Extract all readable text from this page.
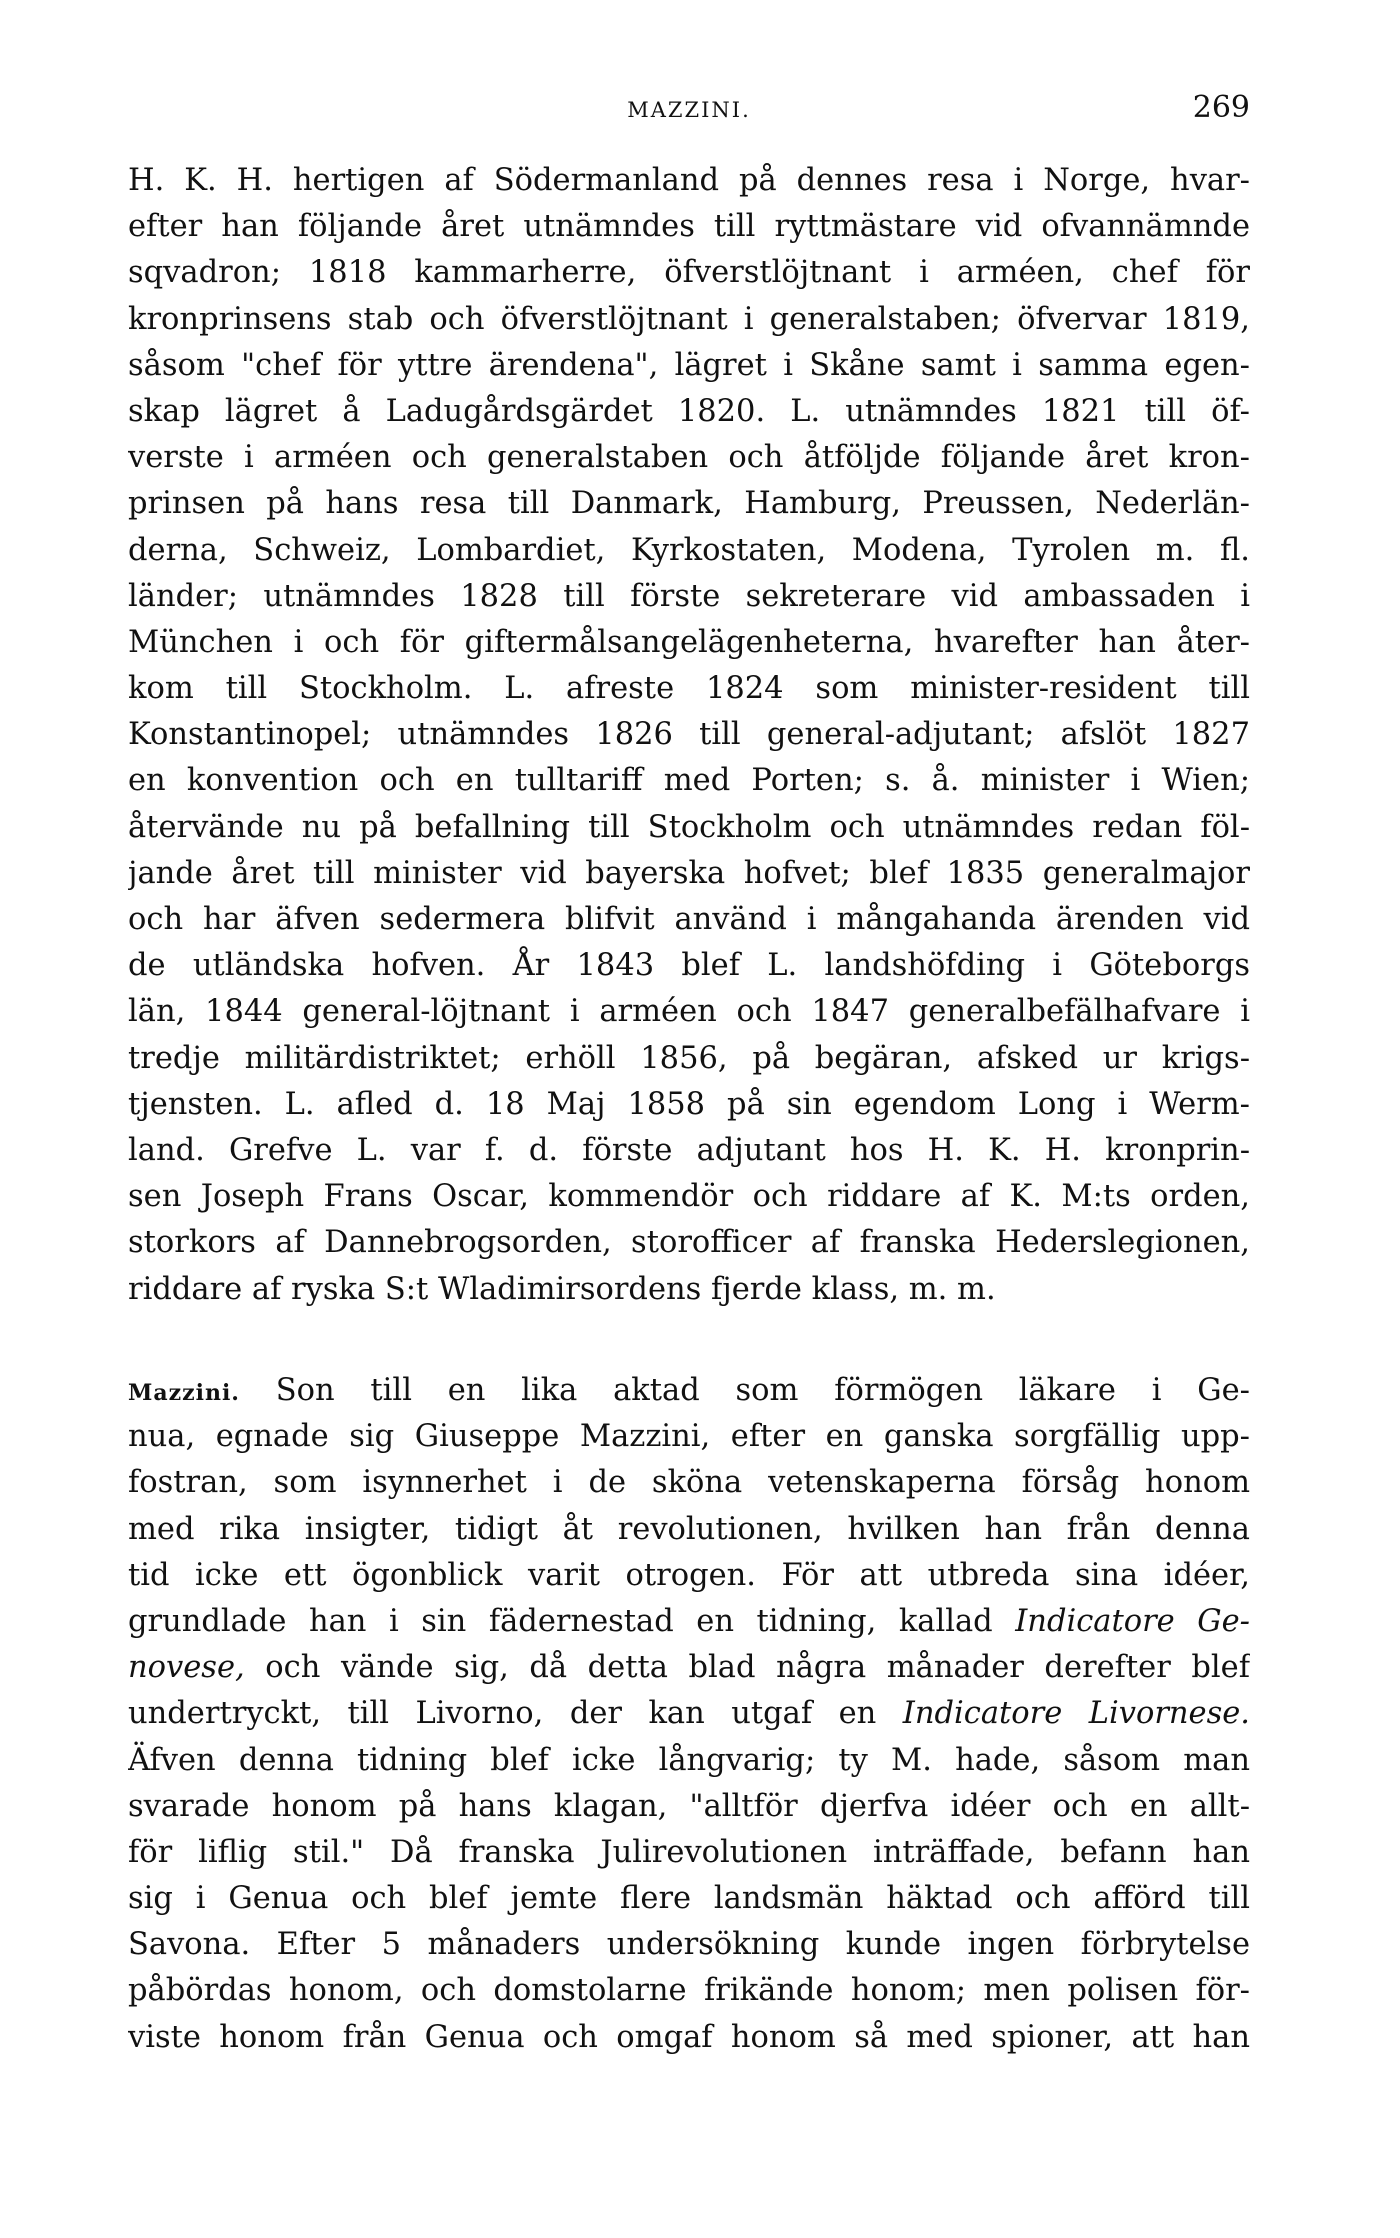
MAZZINI.	269
H. K. H. hertigen af Södermanland på dennes resa i Norge, hvar-
efter han följande året utnämndes till ryttmästare vid ofvannämnde
sqvadron; 1818 kammarherre, öfverstlöjtnant i arméen, chef för
kronprinsens stab och öfverstlöjtnant i generalstaben; öfvervar 1819,
såsom "chef för yttre ärendena", lägret i Skåne samt i samma egen-
skap lägret å Ladugårdsgärdet 1820. L. utnämndes 1821 till öf-
verste i arméen och generalstaben och åtföljde följande året kron-
prinsen på hans resa till Danmark, Hamburg, Preussen, Nederlän-
derna, Schweiz, Lombardiet, Kyrkostaten, Modena, Tyrolen m. fl.
länder; utnämndes 1828 till förste sekreterare vid ambassaden i
München i och för giftermålsangelägenheterna, hvarefter han åter-
kom till Stockholm. L. afreste 1824 som minister-resident till
Konstantinopel; utnämndes 1826 till general-adjutant; afslöt 1827
en konvention och en tulltariff med Porten; s. å. minister i Wien;
återvände nu på befallning till Stockholm och utnämndes redan föl-
jande året till minister vid bayerska hofvet; blef 1835 generalmajor
och har äfven sedermera blifvit använd i mångahanda ärenden vid
de utländska hofven. År 1843 blef L. landshöfding i Göteborgs
län, 1844 general-löjtnant i arméen och 1847 generalbefälhafvare i
tredje militärdistriktet; erhöll 1856, på begäran, afsked ur krigs-
tjensten. L. afled d. 18 Maj 1858 på sin egendom Long i Werm-
land. Grefve L. var f. d. förste adjutant hos H. K. H. kronprin-
sen Joseph Frans Oscar, kommendör och riddare af K. M:ts orden,
storkors af Dannebrogsorden, storofficer af franska Hederslegionen,
riddare af ryska S:t Wladimirsordens fjerde klass, m. m.
Mazzini. Son till en lika aktad som förmögen läkare i Ge-
nua, egnade sig Giuseppe Mazzini, efter en ganska sorgfällig upp-
fostran, som isynnerhet i de sköna vetenskaperna försåg honom
med rika insigter, tidigt åt revolutionen, hvilken han från denna
tid icke ett ögonblick varit otrogen. För att utbreda sina idéer,
grundlade han i sin fädernestad en tidning, kallad Indicatore Ge-
novese, och vände sig, då detta blad några månader derefter blef
undertryckt, till Livorno, der kan utgaf en Indicatore Livornese.
Äfven denna tidning blef icke långvarig; ty M. hade, såsom man
svarade honom på hans klagan, "alltför djerfva idéer och en allt-
för liflig stil." Då franska Julirevolutionen inträffade, befann han
sig i Genua och blef jemte flere landsmän häktad och afförd till
Savona. Efter 5 månaders undersökning kunde ingen förbrytelse
påbördas honom, och domstolarne frikände honom; men polisen för-
viste honom från Genua och omgaf honom så med spioner, att han
